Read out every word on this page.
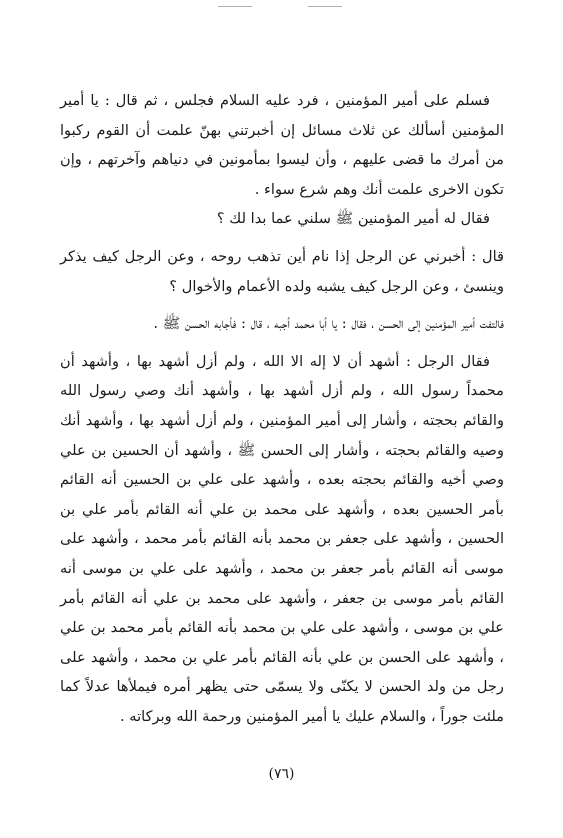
فسلم على أمير المؤمنين ، فرد عليه السلام فجلس ، ثم قال : يا أمير المؤمنين أسألك عن ثلاث مسائل إن أخبرتني بهنّ علمت أن القوم ركبوا من أمرك ما قضى عليهم ، وأن ليسوا بمأمونين في دنياهم وآخرتهم ، وإن تكون الاخرى علمت أنك وهم شرع سواء .

فقال له أمير المؤمنين ﷺ سلني عما بدا لك ؟

قال : أخبرني عن الرجل إذا نام أين تذهب روحه ، وعن الرجل كيف يذكر وينسئ ، وعن الرجل كيف يشبه ولده الأعمام والأخوال ؟

فالتفت أمير المؤمنين إلى الحسن ، فقال : يا أبا محمد أجبه ، قال : فأجابه الحسن ﷺ .

فقال الرجل : أشهد أن لا إله الا الله ، ولم أزل أشهد بها ، وأشهد أن محمداً رسول الله ، ولم أزل أشهد بها ، وأشهد أنك وصي رسول الله والقائم بحجته ، وأشار إلى أمير المؤمنين ، ولم أزل أشهد بها ، وأشهد أنك وصيه والقائم بحجته ، وأشار إلى الحسن ﷺ ، وأشهد أن الحسين بن علي وصي أخيه والقائم بحجته بعده ، وأشهد على علي بن الحسين أنه القائم بأمر الحسين بعده ، وأشهد على محمد بن علي أنه القائم بأمر علي بن الحسين ، وأشهد على جعفر بن محمد بأنه القائم بأمر محمد ، وأشهد على موسى أنه القائم بأمر جعفر بن محمد ، وأشهد على علي بن موسى أنه القائم بأمر موسى بن جعفر ، وأشهد على محمد بن علي أنه القائم بأمر علي بن موسى ، وأشهد على علي بن محمد بأنه القائم بأمر محمد بن علي ، وأشهد على الحسن بن علي بأنه القائم بأمر علي بن محمد ، وأشهد على رجل من ولد الحسن لا يكنّى ولا يسمّى حتى يظهر أمره فيملأها عدلاً كما ملئت جوراً ، والسلام عليك يا أمير المؤمنين ورحمة الله وبركاته .

(٧٦)
